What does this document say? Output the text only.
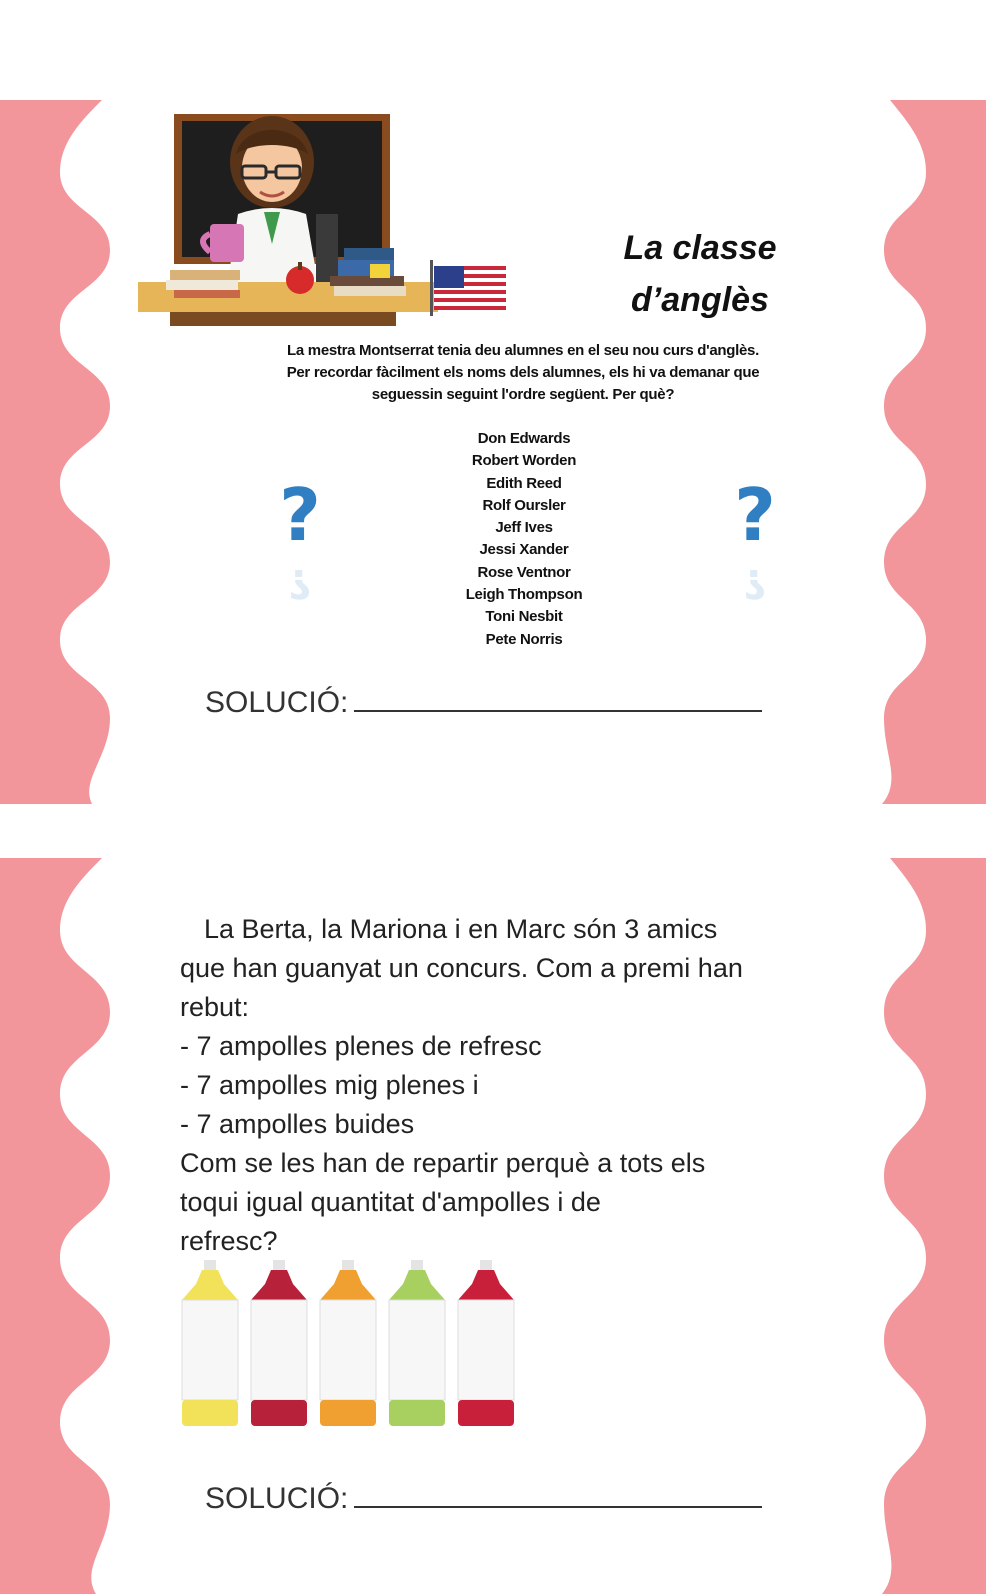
La classe
d’anglès
La mestra Montserrat tenia deu alumnes en el seu nou curs d'anglès.
Per recordar fàcilment els noms dels alumnes, els hi va demanar que
seguessin seguint l'ordre següent. Per què?
?
?
?
?
Don Edwards
Robert Worden
Edith Reed
Rolf Oursler
Jeff Ives
Jessi Xander
Rose Ventnor
Leigh Thompson
Toni Nesbit
Pete Norris
SOLUCIÓ:
La Berta, la Mariona i en Marc són 3 amics
que han guanyat un concurs. Com a premi han
rebut:
- 7 ampolles plenes de refresc
- 7 ampolles mig plenes i
- 7 ampolles buides
Com se les han de repartir perquè a tots els
toqui igual quantitat d'ampolles i de
refresc?
SOLUCIÓ:
